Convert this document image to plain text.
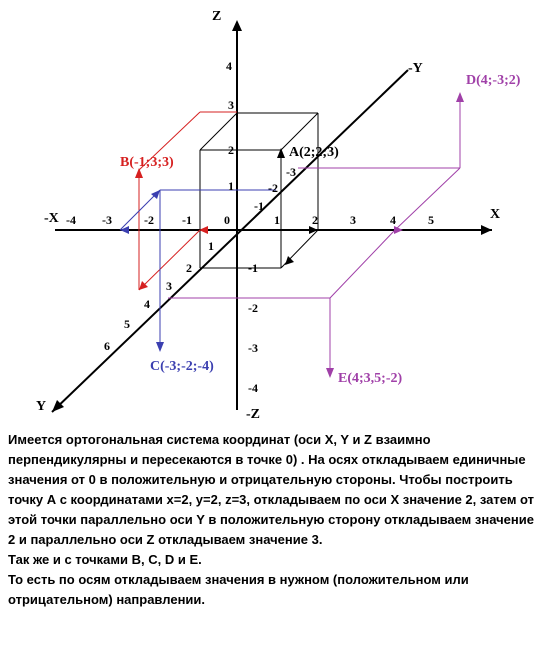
X
-X
Z
-Z
Y
-Y
-4 -3	-2 -1	0	1	2	3	4	5
4
3
2
1
-1
-2
-3
-4
-3
-2
-1
1
2
3
4
5
6
A(2;2;3)
B(-1;3;3)
C(-3;-2;-4)
D(4;-3;2)
E(4;3,5;-2)

Имеется ортогональная система координат (оси X, Y и Z взаимно перпендикулярны и пересекаются в точке 0) . На осях откладываем единичные значения от 0 в положительную и отрицательную стороны. Чтобы построить точку А с координатами x=2, y=2, z=3, откладываем по оси X значение 2, затем от этой точки параллельно оси Y в положительную сторону откладываем значение 2 и параллельно оси Z откладываем значение 3.

Так же и с точками В, С, D и Е.

То есть по осям откладываем значения в нужном (положительном или отрицательном) направлении.
